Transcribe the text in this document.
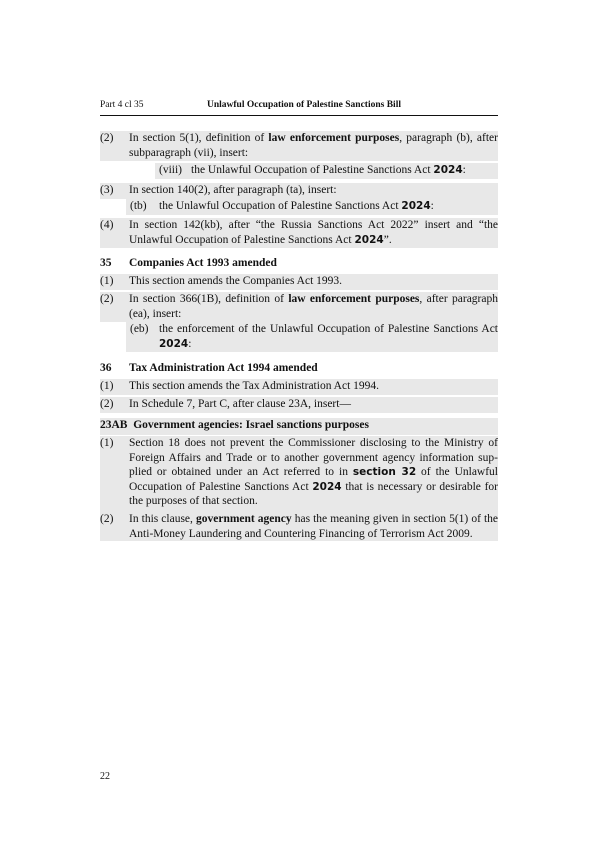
Part 4 cl 35	Unlawful Occupation of Palestine Sanctions Bill
(2) In section 5(1), definition of law enforcement purposes, paragraph (b), after subparagraph (vii), insert:
(viii) the Unlawful Occupation of Palestine Sanctions Act 2024:
(3) In section 140(2), after paragraph (ta), insert:
(tb) the Unlawful Occupation of Palestine Sanctions Act 2024:
(4) In section 142(kb), after “the Russia Sanctions Act 2022” insert and “the Unlawful Occupation of Palestine Sanctions Act 2024”.
35 Companies Act 1993 amended
(1) This section amends the Companies Act 1993.
(2) In section 366(1B), definition of law enforcement purposes, after paragraph (ea), insert:
(eb) the enforcement of the Unlawful Occupation of Palestine Sanctions Act 2024:
36 Tax Administration Act 1994 amended
(1) This section amends the Tax Administration Act 1994.
(2) In Schedule 7, Part C, after clause 23A, insert—
23AB  Government agencies: Israel sanctions purposes
(1) Section 18 does not prevent the Commissioner disclosing to the Ministry of Foreign Affairs and Trade or to another government agency information supplied or obtained under an Act referred to in section 32 of the Unlawful Occupation of Palestine Sanctions Act 2024 that is necessary or desirable for the purposes of that section.
(2) In this clause, government agency has the meaning given in section 5(1) of the Anti-Money Laundering and Countering Financing of Terrorism Act 2009.
22
